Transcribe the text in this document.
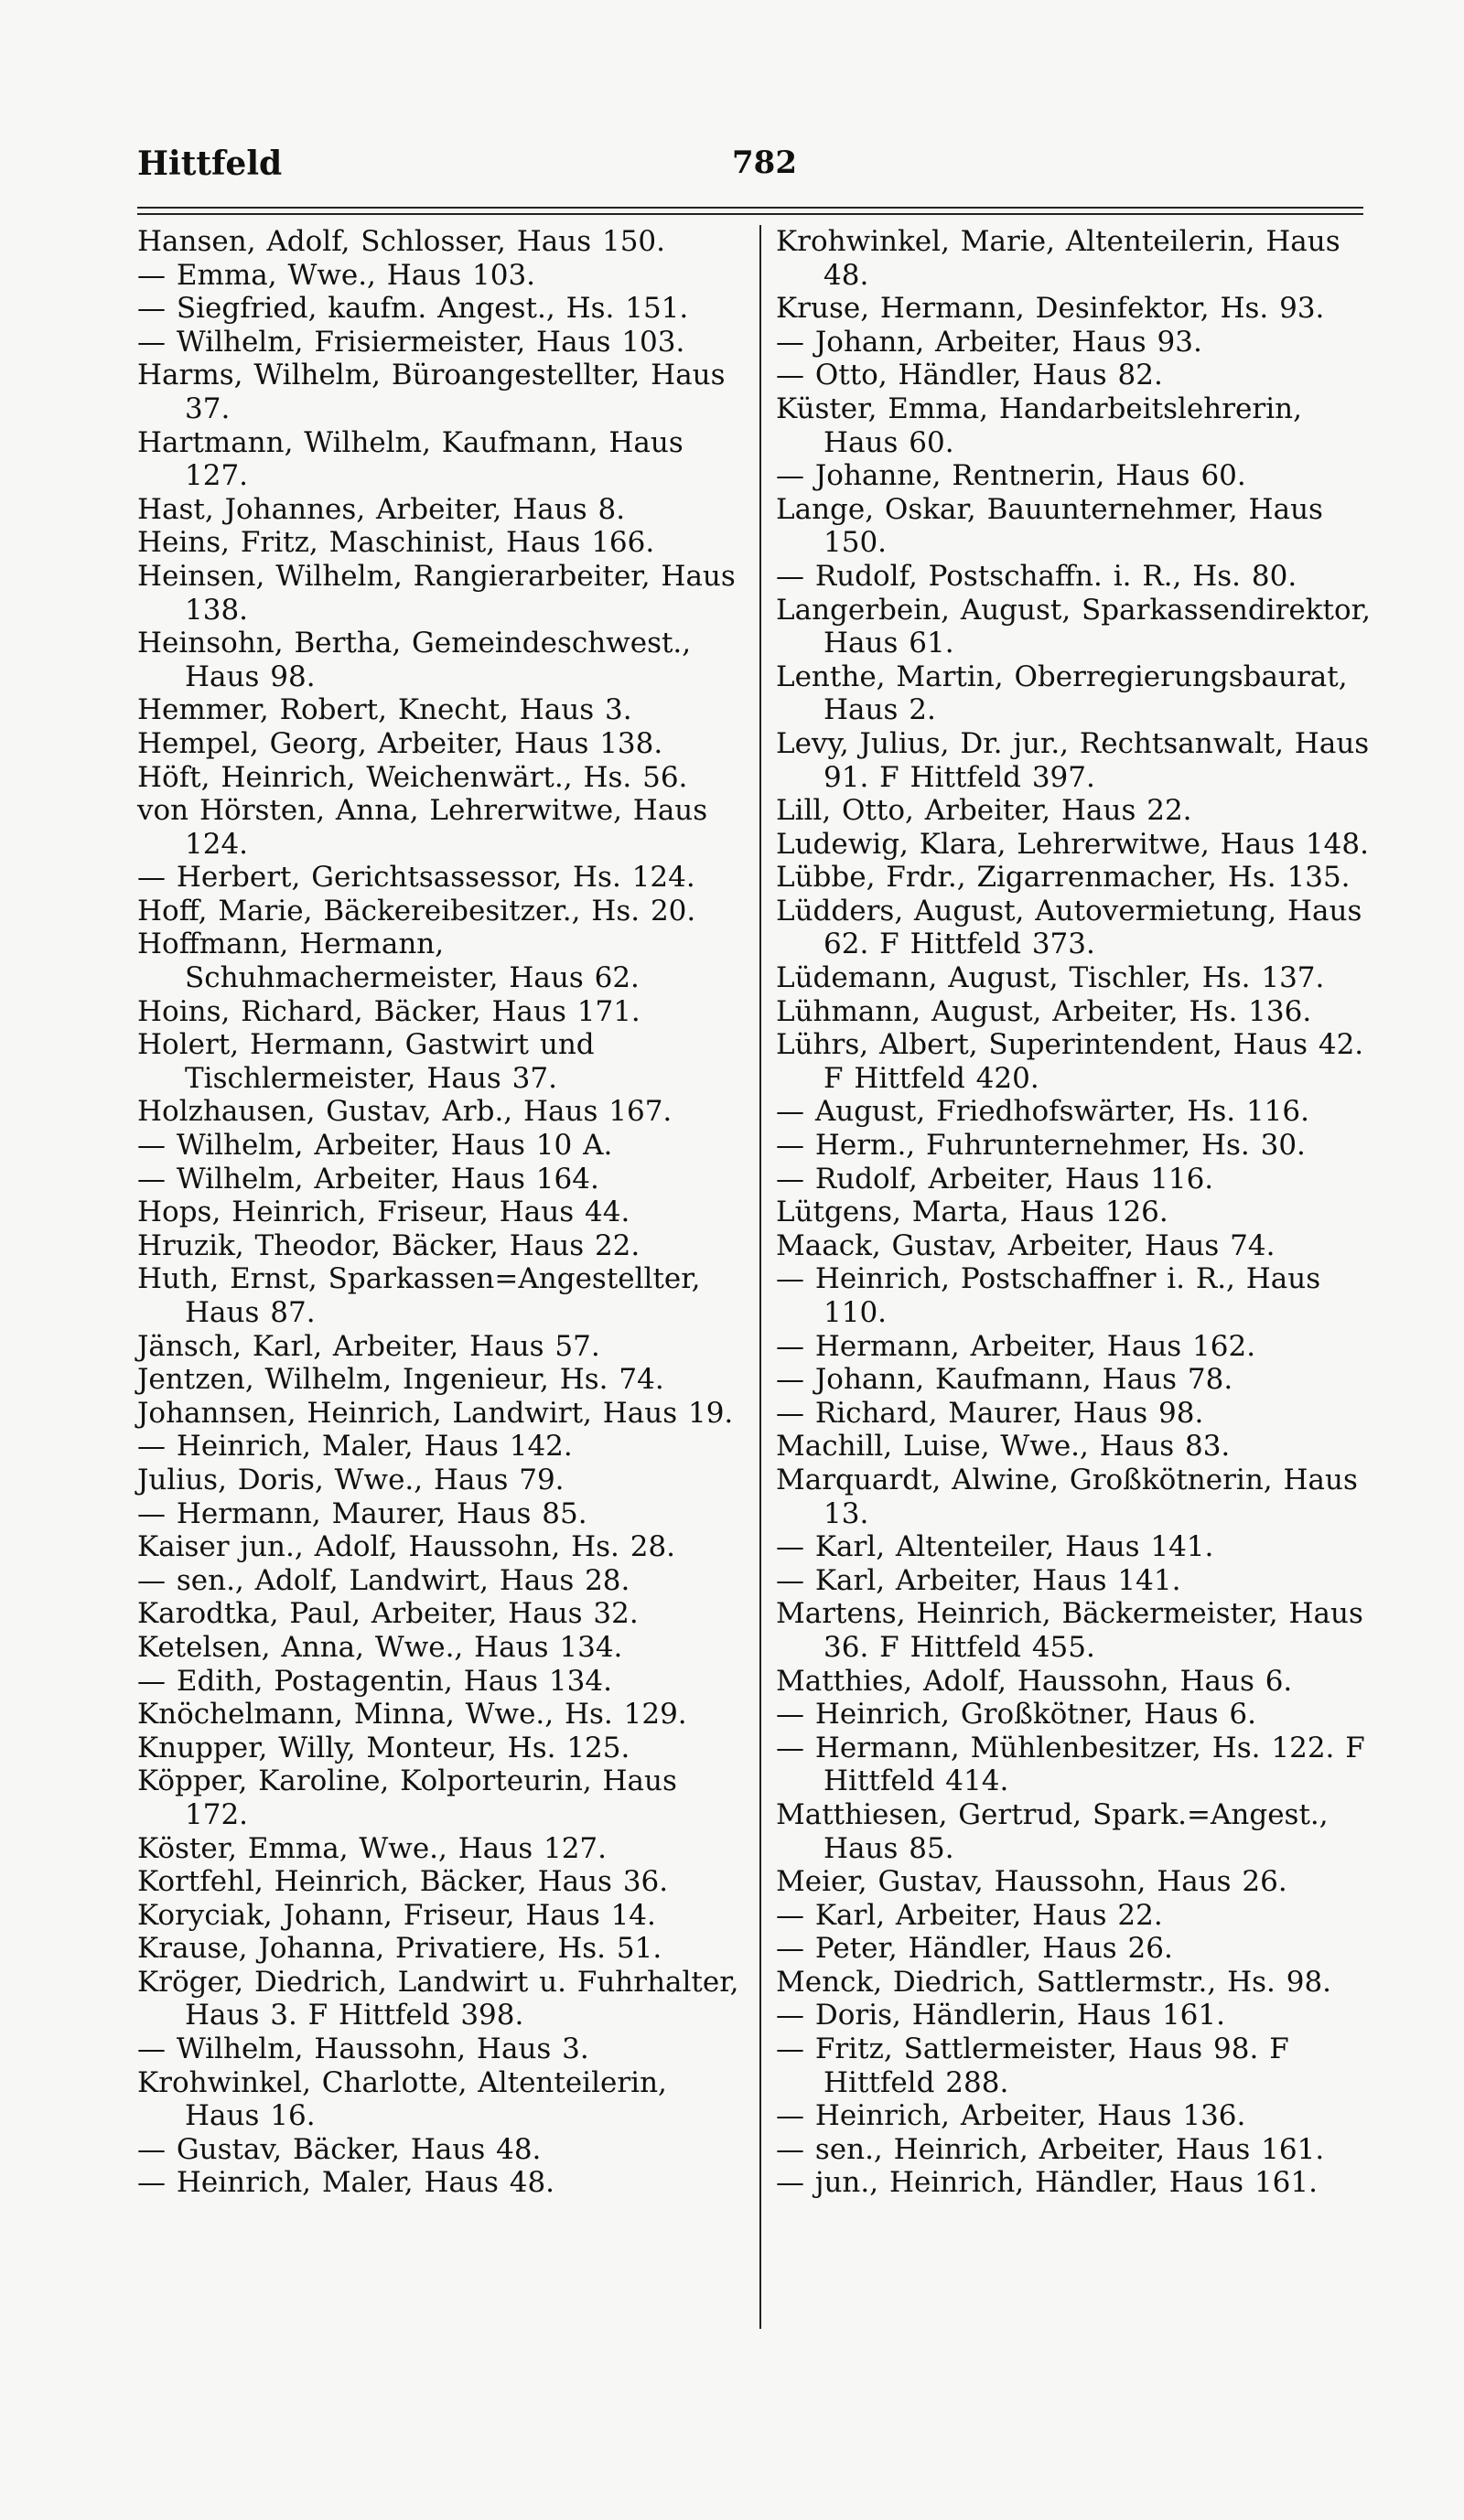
Hittfeld	782
Hansen, Adolf, Schlosser, Haus 150.
— Emma, Wwe., Haus 103.
— Siegfried, kaufm. Angest., Hs. 151.
— Wilhelm, Frisiermeister, Haus 103.
Harms, Wilhelm, Büroangestellter, Haus 37.
Hartmann, Wilhelm, Kaufmann, Haus 127.
Hast, Johannes, Arbeiter, Haus 8.
Heins, Fritz, Maschinist, Haus 166.
Heinsen, Wilhelm, Rangierarbeiter, Haus 138.
Heinsohn, Bertha, Gemeindeschwest., Haus 98.
Hemmer, Robert, Knecht, Haus 3.
Hempel, Georg, Arbeiter, Haus 138.
Höft, Heinrich, Weichenwärt., Hs. 56.
von Hörsten, Anna, Lehrerwitwe, Haus 124.
— Herbert, Gerichtsassessor, Hs. 124.
Hoff, Marie, Bäckereibesitzer., Hs. 20.
Hoffmann, Hermann, Schuhmachermeister, Haus 62.
Hoins, Richard, Bäcker, Haus 171.
Holert, Hermann, Gastwirt und Tischlermeister, Haus 37.
Holzhausen, Gustav, Arb., Haus 167.
— Wilhelm, Arbeiter, Haus 10 A.
— Wilhelm, Arbeiter, Haus 164.
Hops, Heinrich, Friseur, Haus 44.
Hruzik, Theodor, Bäcker, Haus 22.
Huth, Ernst, Sparkassen=Angestellter, Haus 87.
Jänsch, Karl, Arbeiter, Haus 57.
Jentzen, Wilhelm, Ingenieur, Hs. 74.
Johannsen, Heinrich, Landwirt, Haus 19.
— Heinrich, Maler, Haus 142.
Julius, Doris, Wwe., Haus 79.
— Hermann, Maurer, Haus 85.
Kaiser jun., Adolf, Haussohn, Hs. 28.
— sen., Adolf, Landwirt, Haus 28.
Karodtka, Paul, Arbeiter, Haus 32.
Ketelsen, Anna, Wwe., Haus 134.
— Edith, Postagentin, Haus 134.
Knöchelmann, Minna, Wwe., Hs. 129.
Knupper, Willy, Monteur, Hs. 125.
Köpper, Karoline, Kolporteurin, Haus 172.
Köster, Emma, Wwe., Haus 127.
Kortfehl, Heinrich, Bäcker, Haus 36.
Koryciak, Johann, Friseur, Haus 14.
Krause, Johanna, Privatiere, Hs. 51.
Kröger, Diedrich, Landwirt u. Fuhrhalter, Haus 3. F Hittfeld 398.
— Wilhelm, Haussohn, Haus 3.
Krohwinkel, Charlotte, Altenteilerin, Haus 16.
— Gustav, Bäcker, Haus 48.
— Heinrich, Maler, Haus 48.
Krohwinkel, Marie, Altenteilerin, Haus 48.
Kruse, Hermann, Desinfektor, Hs. 93.
— Johann, Arbeiter, Haus 93.
— Otto, Händler, Haus 82.
Küster, Emma, Handarbeitslehrerin, Haus 60.
— Johanne, Rentnerin, Haus 60.
Lange, Oskar, Bauunternehmer, Haus 150.
— Rudolf, Postschaffn. i. R., Hs. 80.
Langerbein, August, Sparkassendirektor, Haus 61.
Lenthe, Martin, Oberregierungsbaurat, Haus 2.
Levy, Julius, Dr. jur., Rechtsanwalt, Haus 91. F Hittfeld 397.
Lill, Otto, Arbeiter, Haus 22.
Ludewig, Klara, Lehrerwitwe, Haus 148.
Lübbe, Frdr., Zigarrenmacher, Hs. 135.
Lüdders, August, Autovermietung, Haus 62. F Hittfeld 373.
Lüdemann, August, Tischler, Hs. 137.
Lühmann, August, Arbeiter, Hs. 136.
Lührs, Albert, Superintendent, Haus 42. F Hittfeld 420.
— August, Friedhofswärter, Hs. 116.
— Herm., Fuhrunternehmer, Hs. 30.
— Rudolf, Arbeiter, Haus 116.
Lütgens, Marta, Haus 126.
Maack, Gustav, Arbeiter, Haus 74.
— Heinrich, Postschaffner i. R., Haus 110.
— Hermann, Arbeiter, Haus 162.
— Johann, Kaufmann, Haus 78.
— Richard, Maurer, Haus 98.
Machill, Luise, Wwe., Haus 83.
Marquardt, Alwine, Großkötnerin, Haus 13.
— Karl, Altenteiler, Haus 141.
— Karl, Arbeiter, Haus 141.
Martens, Heinrich, Bäckermeister, Haus 36. F Hittfeld 455.
Matthies, Adolf, Haussohn, Haus 6.
— Heinrich, Großkötner, Haus 6.
— Hermann, Mühlenbesitzer, Hs. 122. F Hittfeld 414.
Matthiesen, Gertrud, Spark.=Angest., Haus 85.
Meier, Gustav, Haussohn, Haus 26.
— Karl, Arbeiter, Haus 22.
— Peter, Händler, Haus 26.
Menck, Diedrich, Sattlermstr., Hs. 98.
— Doris, Händlerin, Haus 161.
— Fritz, Sattlermeister, Haus 98. F Hittfeld 288.
— Heinrich, Arbeiter, Haus 136.
— sen., Heinrich, Arbeiter, Haus 161.
— jun., Heinrich, Händler, Haus 161.
